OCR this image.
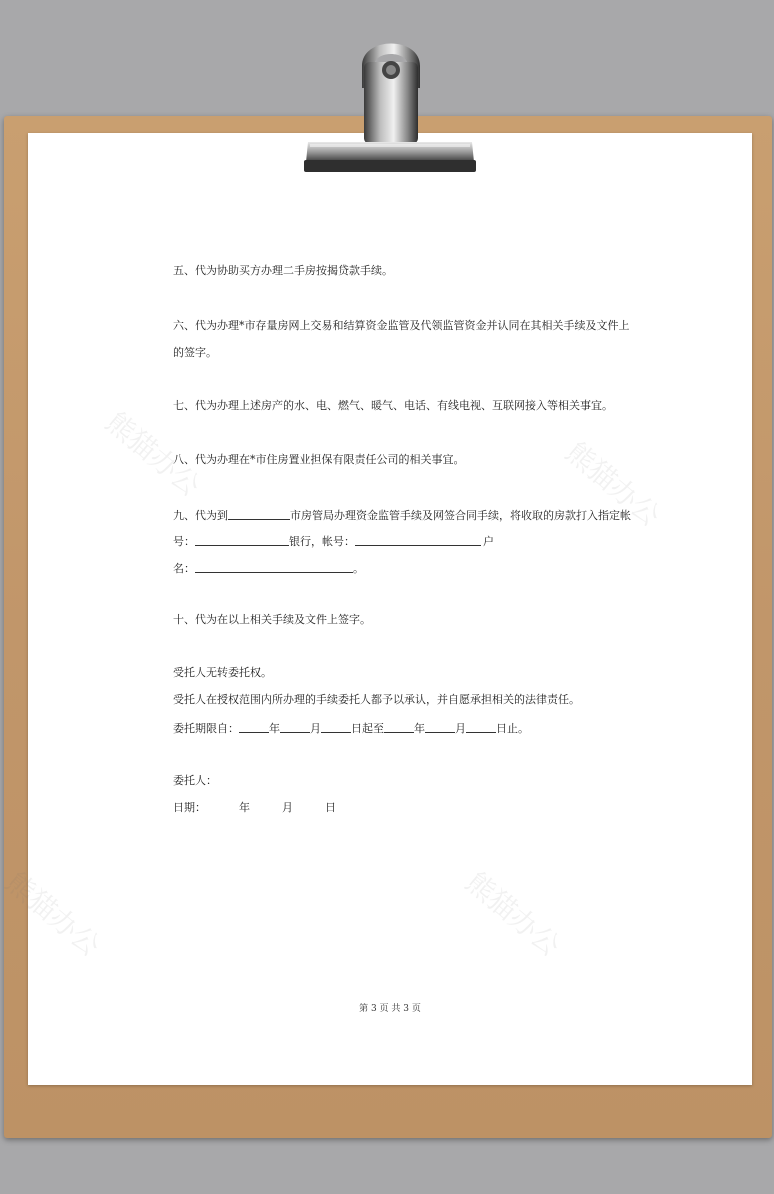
熊猫办公	熊猫办公
熊猫办公	熊猫办公
五、代为协助买方办理二手房按揭贷款手续。
六、代为办理*市存量房网上交易和结算资金监管及代领监管资金并认同在其相关手续及文件上
的签字。
七、代为办理上述房产的水、电、燃气、暖气、电话、有线电视、互联网接入等相关事宜。
八、代为办理在*市住房置业担保有限责任公司的相关事宜。
九、代为到	市房管局办理资金监管手续及网签合同手续，将收取的房款打入指定帐
号：	银行，帐号：	户
名：	。
十、代为在以上相关手续及文件上签字。
受托人无转委托权。
受托人在授权范围内所办理的手续委托人都予以承认，并自愿承担相关的法律责任。
委托期限自：	年	月	日起至	年	月	日止。
委托人：
日期：	年	月	日
第 3 页 共 3 页
